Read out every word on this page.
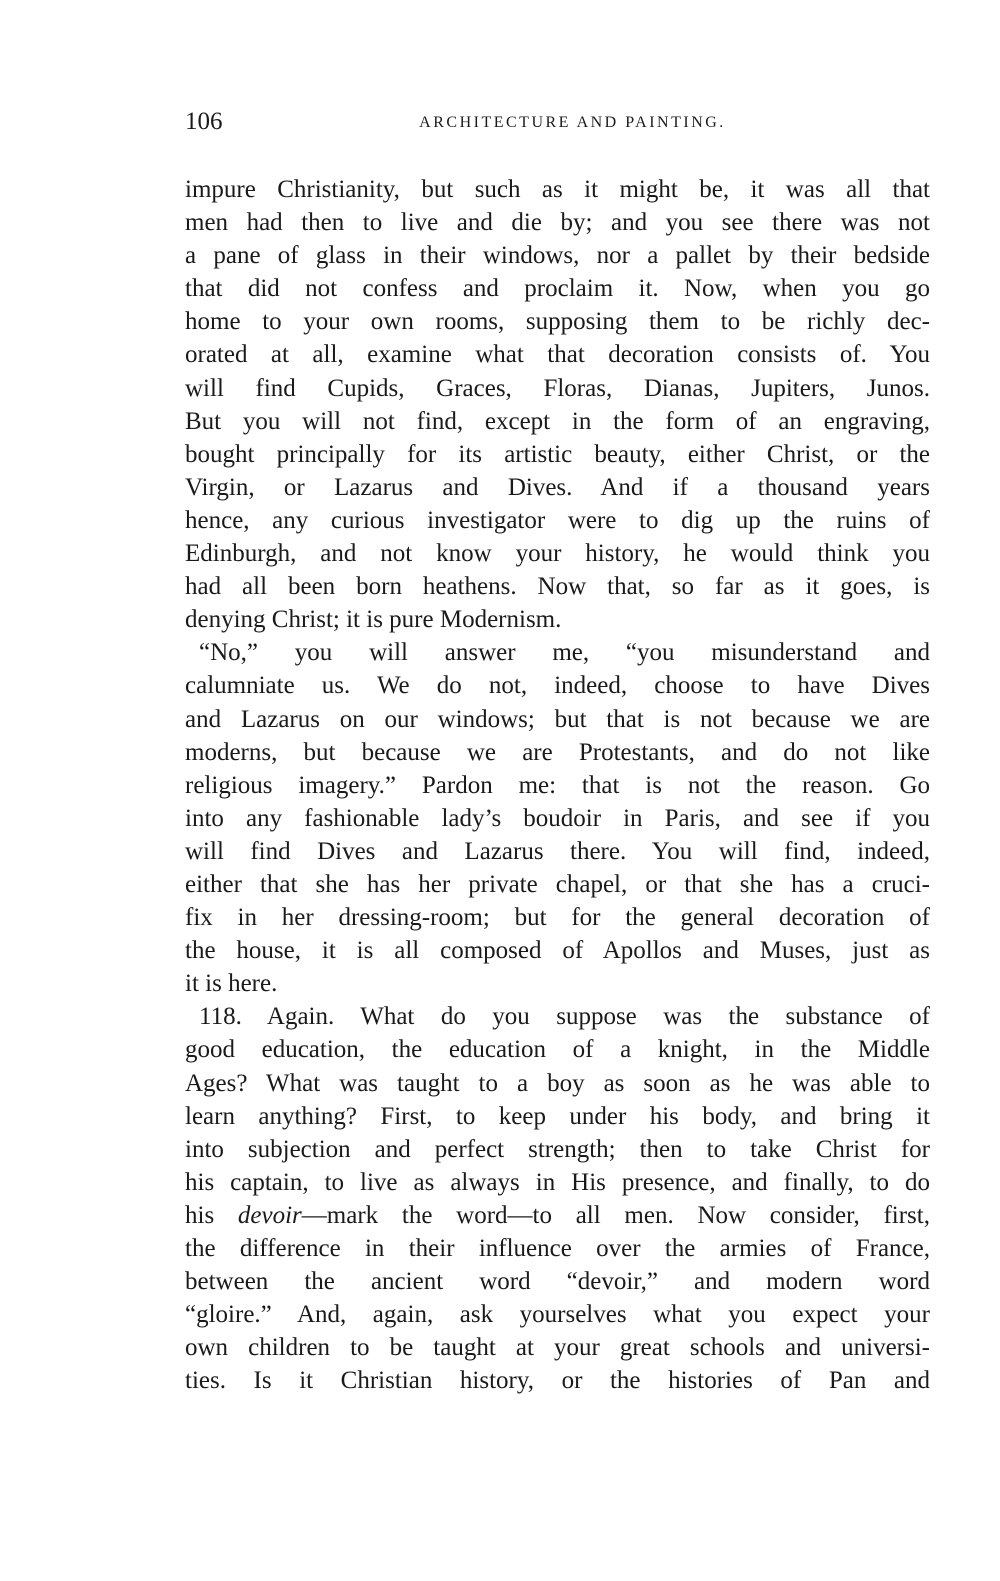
106	ARCHITECTURE AND PAINTING.
impure Christianity, but such as it might be, it was all that
men had then to live and die by; and you see there was not
a pane of glass in their windows, nor a pallet by their bedside
that did not confess and proclaim it. Now, when you go
home to your own rooms, supposing them to be richly dec-
orated at all, examine what that decoration consists of. You
will find Cupids, Graces, Floras, Dianas, Jupiters, Junos.
But you will not find, except in the form of an engraving,
bought principally for its artistic beauty, either Christ, or the
Virgin, or Lazarus and Dives. And if a thousand years
hence, any curious investigator were to dig up the ruins of
Edinburgh, and not know your history, he would think you
had all been born heathens. Now that, so far as it goes, is
denying Christ; it is pure Modernism.
“No,” you will answer me, “you misunderstand and
calumniate us. We do not, indeed, choose to have Dives
and Lazarus on our windows; but that is not because we are
moderns, but because we are Protestants, and do not like
religious imagery.” Pardon me: that is not the reason. Go
into any fashionable lady’s boudoir in Paris, and see if you
will find Dives and Lazarus there. You will find, indeed,
either that she has her private chapel, or that she has a cruci-
fix in her dressing-room; but for the general decoration of
the house, it is all composed of Apollos and Muses, just as
it is here.
118. Again. What do you suppose was the substance of
good education, the education of a knight, in the Middle
Ages? What was taught to a boy as soon as he was able to
learn anything? First, to keep under his body, and bring it
into subjection and perfect strength; then to take Christ for
his captain, to live as always in His presence, and finally, to do
his devoir—mark the word—to all men. Now consider, first,
the difference in their influence over the armies of France,
between the ancient word “devoir,” and modern word
“gloire.” And, again, ask yourselves what you expect your
own children to be taught at your great schools and universi-
ties. Is it Christian history, or the histories of Pan and
